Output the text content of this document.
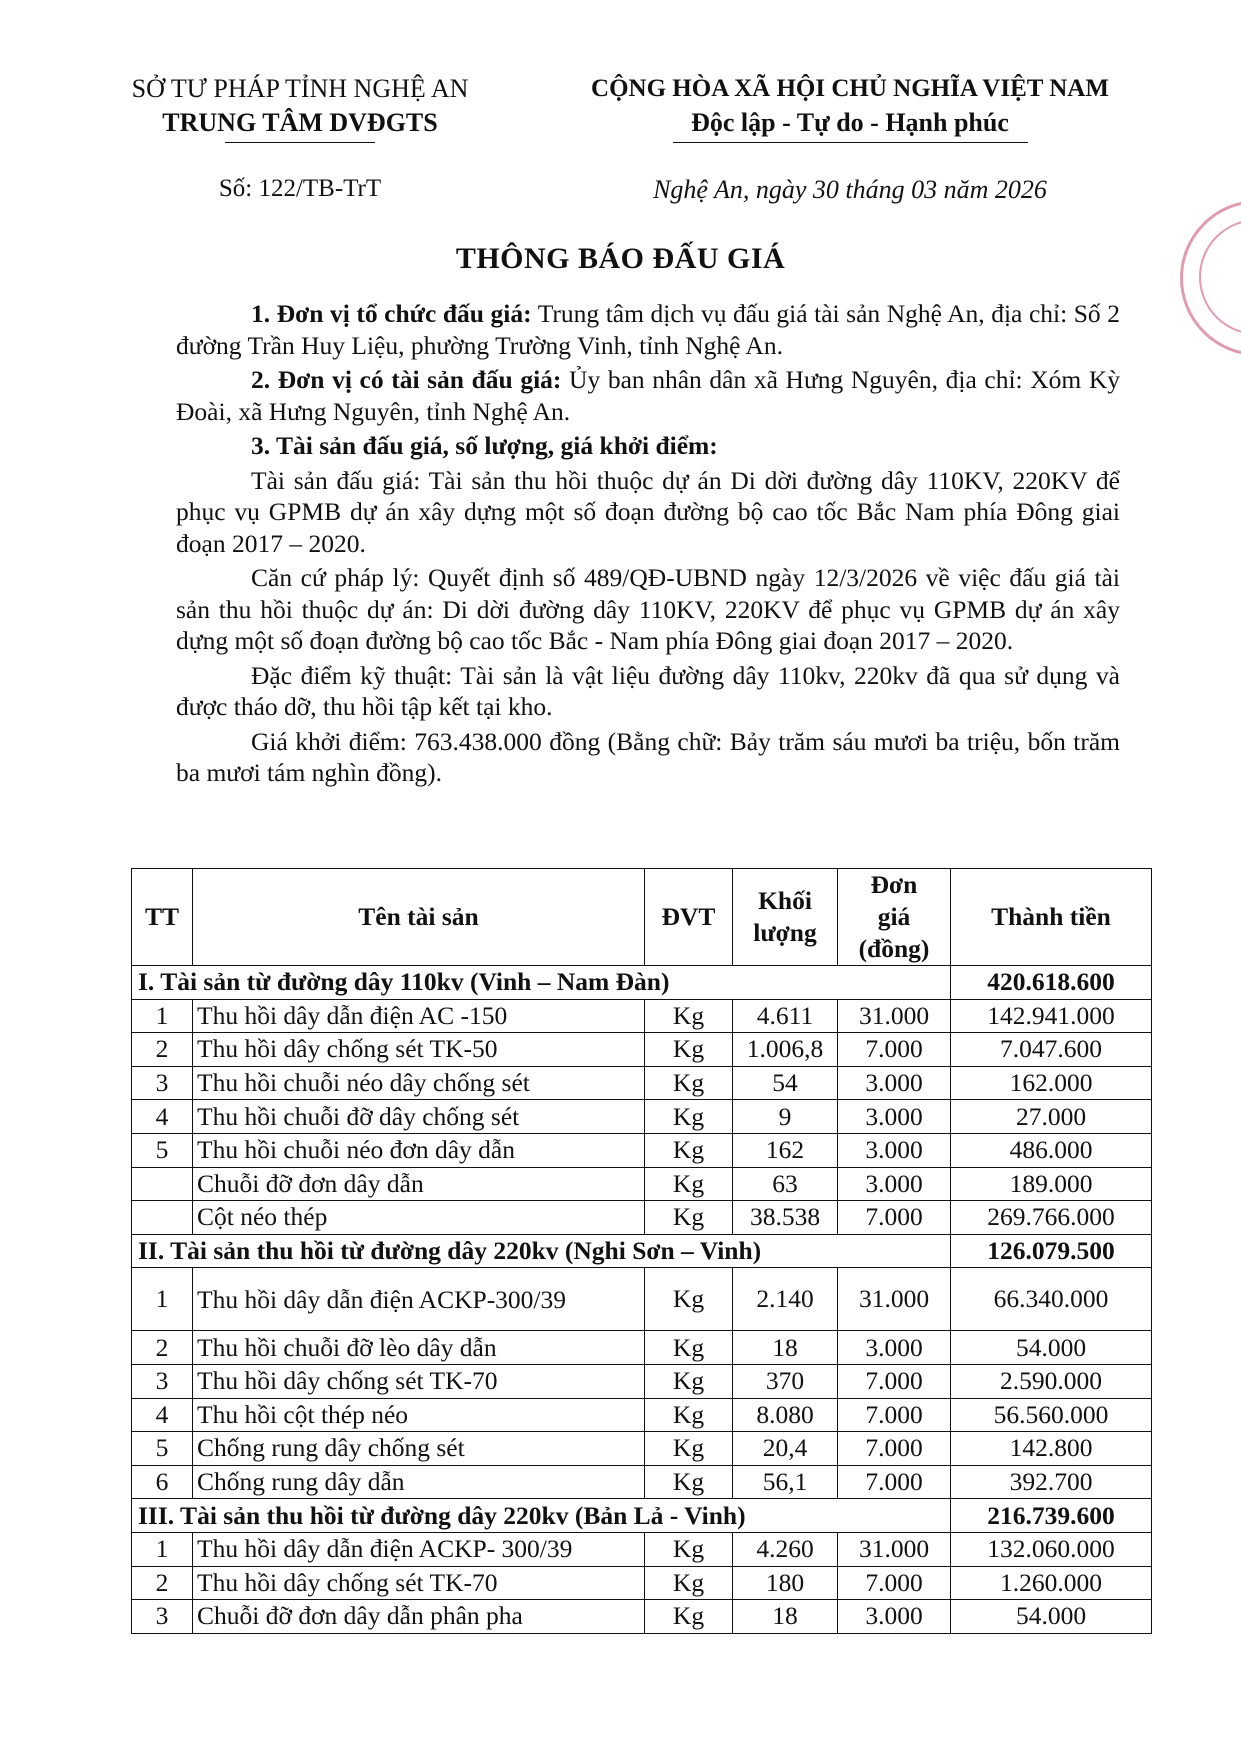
SỞ TƯ PHÁP TỈNH NGHỆ AN
TRUNG TÂM DVĐGTS
CỘNG HÒA XÃ HỘI CHỦ NGHĨA VIỆT NAM
Độc lập - Tự do - Hạnh phúc
Số: 122/TB-TrT	Nghệ An, ngày 30 tháng 03 năm 2026
THÔNG BÁO ĐẤU GIÁ

1. Đơn vị tổ chức đấu giá: Trung tâm dịch vụ đấu giá tài sản Nghệ An, địa chỉ: Số 2 đường Trần Huy Liệu, phường Trường Vinh, tỉnh Nghệ An.

2. Đơn vị có tài sản đấu giá: Ủy ban nhân dân xã Hưng Nguyên, địa chỉ: Xóm Kỳ Đoài, xã Hưng Nguyên, tỉnh Nghệ An.

3. Tài sản đấu giá, số lượng, giá khởi điểm:

Tài sản đấu giá: Tài sản thu hồi thuộc dự án Di dời đường dây 110KV, 220KV để phục vụ GPMB dự án xây dựng một số đoạn đường bộ cao tốc Bắc Nam phía Đông giai đoạn 2017 – 2020.

Căn cứ pháp lý: Quyết định số 489/QĐ-UBND ngày 12/3/2026 về việc đấu giá tài sản thu hồi thuộc dự án: Di dời đường dây 110KV, 220KV để phục vụ GPMB dự án xây dựng một số đoạn đường bộ cao tốc Bắc - Nam phía Đông giai đoạn 2017 – 2020.

Đặc điểm kỹ thuật: Tài sản là vật liệu đường dây 110kv, 220kv đã qua sử dụng và được tháo dỡ, thu hồi tập kết tại kho.

Giá khởi điểm: 763.438.000 đồng (Bằng chữ: Bảy trăm sáu mươi ba triệu, bốn trăm ba mươi tám nghìn đồng).

TT	Tên tài sản	ĐVT	Khối lượng	Đơn giá (đồng)	Thành tiền
I. Tài sản từ đường dây 110kv (Vinh – Nam Đàn)					420.618.600
1	Thu hồi dây dẫn điện AC -150	Kg	4.611	31.000	142.941.000
2	Thu hồi dây chống sét TK-50	Kg	1.006,8	7.000	7.047.600
3	Thu hồi chuỗi néo dây chống sét	Kg	54	3.000	162.000
4	Thu hồi chuỗi đỡ dây chống sét	Kg	9	3.000	27.000
5	Thu hồi chuỗi néo đơn dây dẫn	Kg	162	3.000	486.000
	Chuỗi đỡ đơn dây dẫn	Kg	63	3.000	189.000
	Cột néo thép	Kg	38.538	7.000	269.766.000
II. Tài sản thu hồi từ đường dây 220kv (Nghi Sơn – Vinh)					126.079.500
1	Thu hồi dây dẫn điện ACKP-300/39	Kg	2.140	31.000	66.340.000
2	Thu hồi chuỗi đỡ lèo dây dẫn	Kg	18	3.000	54.000
3	Thu hồi dây chống sét TK-70	Kg	370	7.000	2.590.000
4	Thu hồi cột thép néo	Kg	8.080	7.000	56.560.000
5	Chống rung dây chống sét	Kg	20,4	7.000	142.800
6	Chống rung dây dẫn	Kg	56,1	7.000	392.700
III. Tài sản thu hồi từ đường dây 220kv (Bản Lả - Vinh)					216.739.600
1	Thu hồi dây dẫn điện ACKP- 300/39	Kg	4.260	31.000	132.060.000
2	Thu hồi dây chống sét TK-70	Kg	180	7.000	1.260.000
3	Chuỗi đỡ đơn dây dẫn phân pha	Kg	18	3.000	54.000
